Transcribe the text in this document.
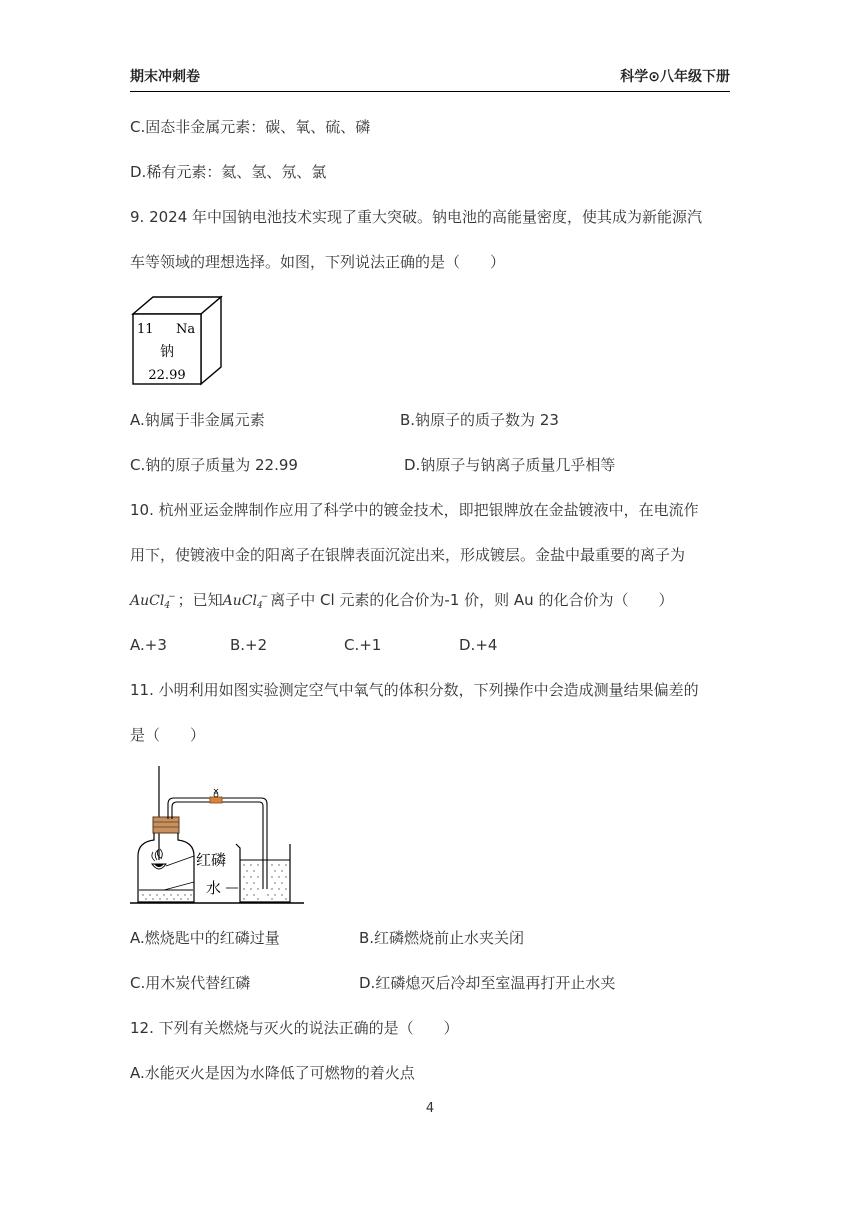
期末冲刺卷	科学⊙八年级下册
C.固态非金属元素：碳、氧、硫、磷
D.稀有元素：氦、氢、氖、氯
9. 2024 年中国钠电池技术实现了重大突破。钠电池的高能量密度，使其成为新能源汽
车等领域的理想选择。如图，下列说法正确的是（　　）
11 Na
钠
22.99
A.钠属于非金属元素	B.钠原子的质子数为 23
C.钠的原子质量为 22.99	D.钠原子与钠离子质量几乎相等
10. 杭州亚运金牌制作应用了科学中的镀金技术，即把银牌放在金盐镀液中，在电流作
用下，使镀液中金的阳离子在银牌表面沉淀出来，形成镀层。金盐中最重要的离子为
AuCl4− ；已知AuCl4− 离子中 Cl 元素的化合价为-1 价，则 Au 的化合价为（　　）
A.+3	B.+2	C.+1	D.+4
11. 小明利用如图实验测定空气中氧气的体积分数，下列操作中会造成测量结果偏差的
是（　　）
红磷
水
A.燃烧匙中的红磷过量	B.红磷燃烧前止水夹关闭
C.用木炭代替红磷	D.红磷熄灭后冷却至室温再打开止水夹
12. 下列有关燃烧与灭火的说法正确的是（　　）
A.水能灭火是因为水降低了可燃物的着火点
4
